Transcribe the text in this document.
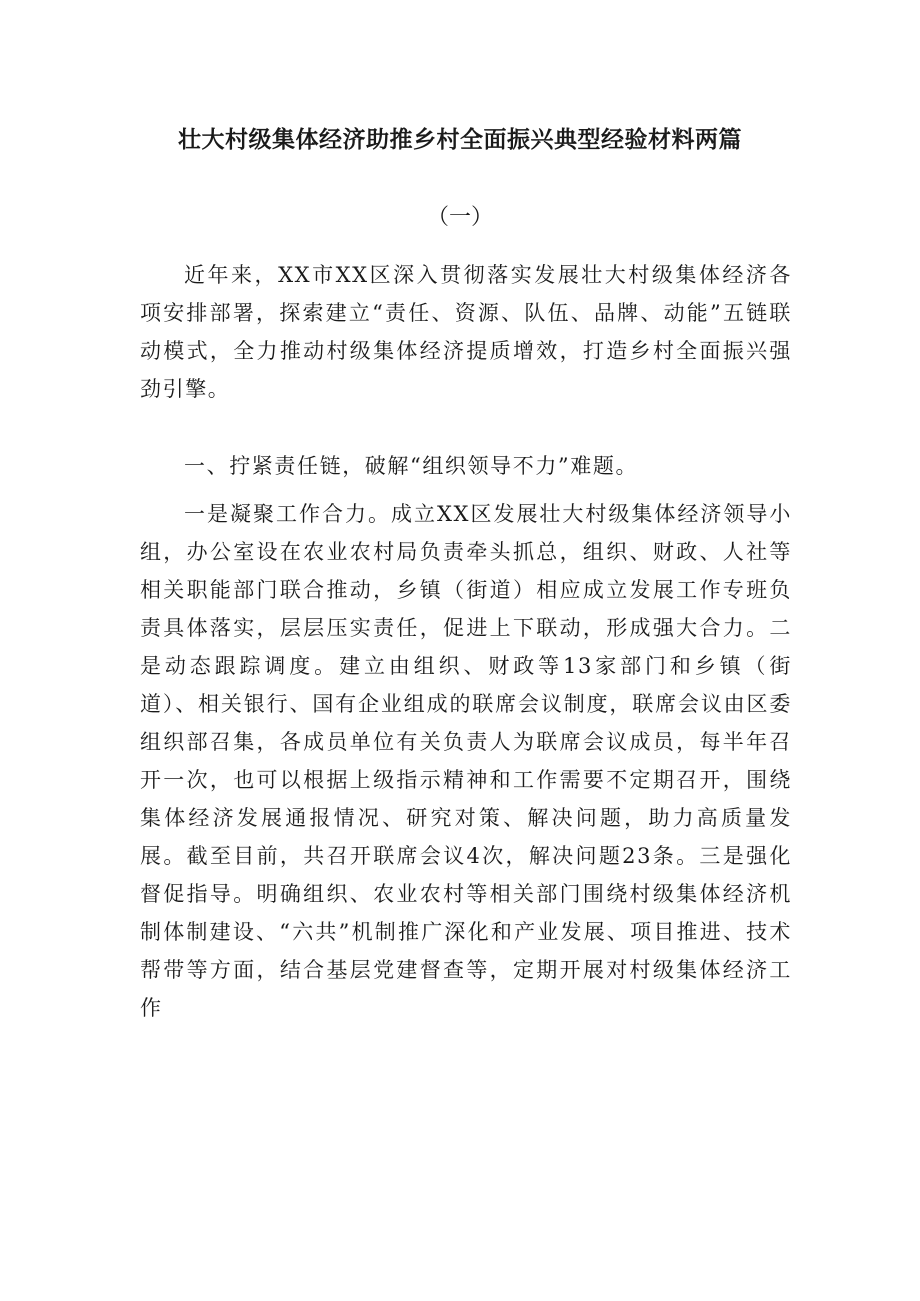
壮大村级集体经济助推乡村全面振兴典型经验材料两篇
（一）

近年来，XX市XX区深入贯彻落实发展壮大村级集体经济各项安排部署，探索建立“责任、资源、队伍、品牌、动能”五链联动模式，全力推动村级集体经济提质增效，打造乡村全面振兴强劲引擎。

一、拧紧责任链，破解“组织领导不力”难题。

一是凝聚工作合力。成立XX区发展壮大村级集体经济领导小组，办公室设在农业农村局负责牵头抓总，组织、财政、人社等相关职能部门联合推动，乡镇（街道）相应成立发展工作专班负责具体落实，层层压实责任，促进上下联动，形成强大合力。二是动态跟踪调度。建立由组织、财政等13家部门和乡镇（街道）、相关银行、国有企业组成的联席会议制度，联席会议由区委组织部召集，各成员单位有关负责人为联席会议成员，每半年召开一次，也可以根据上级指示精神和工作需要不定期召开，围绕集体经济发展通报情况、研究对策、解决问题，助力高质量发展。截至目前，共召开联席会议4次，解决问题23条。三是强化督促指导。明确组织、农业农村等相关部门围绕村级集体经济机制体制建设、“六共”机制推广深化和产业发展、项目推进、技术帮带等方面，结合基层党建督查等，定期开展对村级集体经济工作
